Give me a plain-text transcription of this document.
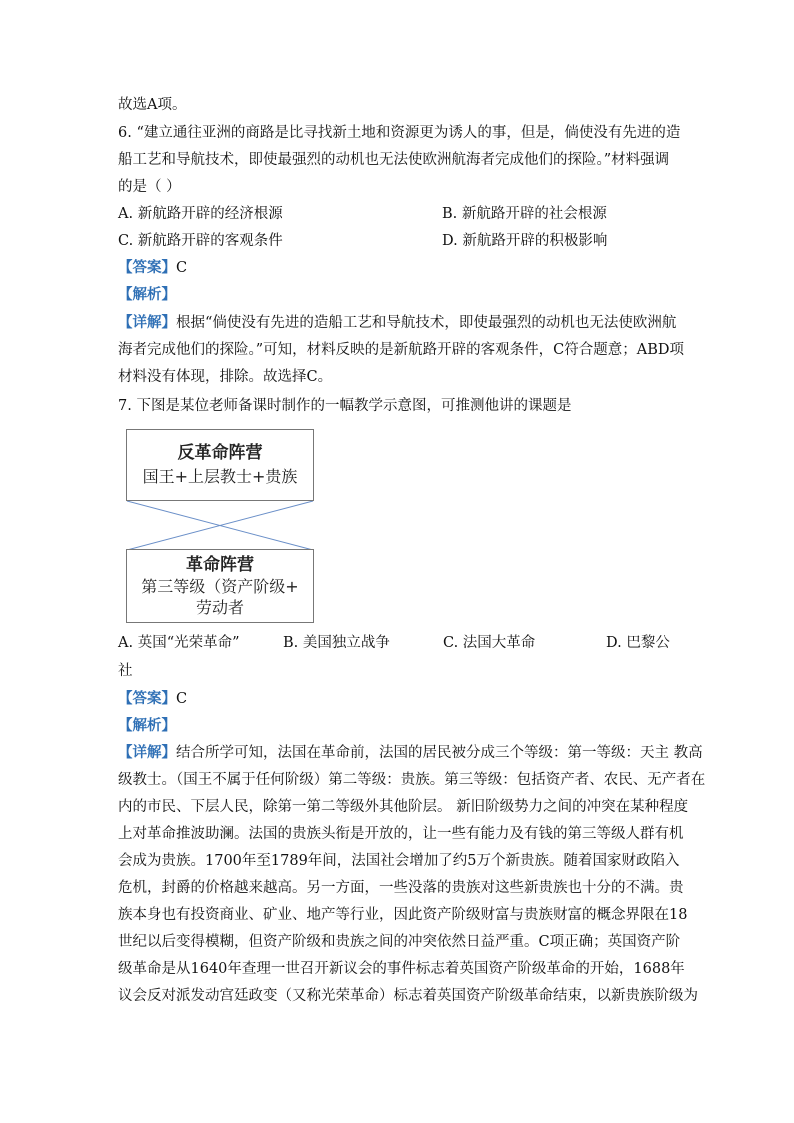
故选A项。
6. “建立通往亚洲的商路是比寻找新土地和资源更为诱人的事，但是，倘使没有先进的造
船工艺和导航技术，即使最强烈的动机也无法使欧洲航海者完成他们的探险。”材料强调
的是（ ）
A. 新航路开辟的经济根源	B. 新航路开辟的社会根源
C. 新航路开辟的客观条件	D. 新航路开辟的积极影响
【答案】C
【解析】
【详解】根据“倘使没有先进的造船工艺和导航技术，即使最强烈的动机也无法使欧洲航
海者完成他们的探险。”可知，材料反映的是新航路开辟的客观条件，C符合题意；ABD项
材料没有体现，排除。故选择C。
7. 下图是某位老师备课时制作的一幅教学示意图，可推测他讲的课题是
反革命阵营
国王+上层教士+贵族
革命阵营
第三等级（资产阶级+
劳动者
A. 英国“光荣革命”	B. 美国独立战争	C. 法国大革命	D. 巴黎公
社
【答案】C
【解析】
【详解】结合所学可知，法国在革命前，法国的居民被分成三个等级：第一等级：天主 教高
级教士。（国王不属于任何阶级）第二等级：贵族。第三等级：包括资产者、农民、无产者在
内的市民、下层人民，除第一第二等级外其他阶层。 新旧阶级势力之间的冲突在某种程度
上对革命推波助澜。法国的贵族头衔是开放的，让一些有能力及有钱的第三等级人群有机
会成为贵族。1700年至1789年间，法国社会增加了约5万个新贵族。随着国家财政陷入
危机，封爵的价格越来越高。另一方面，一些没落的贵族对这些新贵族也十分的不满。贵
族本身也有投资商业、矿业、地产等行业，因此资产阶级财富与贵族财富的概念界限在18
世纪以后变得模糊，但资产阶级和贵族之间的冲突依然日益严重。C项正确；英国资产阶
级革命是从1640年查理一世召开新议会的事件标志着英国资产阶级革命的开始，1688年
议会反对派发动宫廷政变（又称光荣革命）标志着英国资产阶级革命结束，以新贵族阶级为
